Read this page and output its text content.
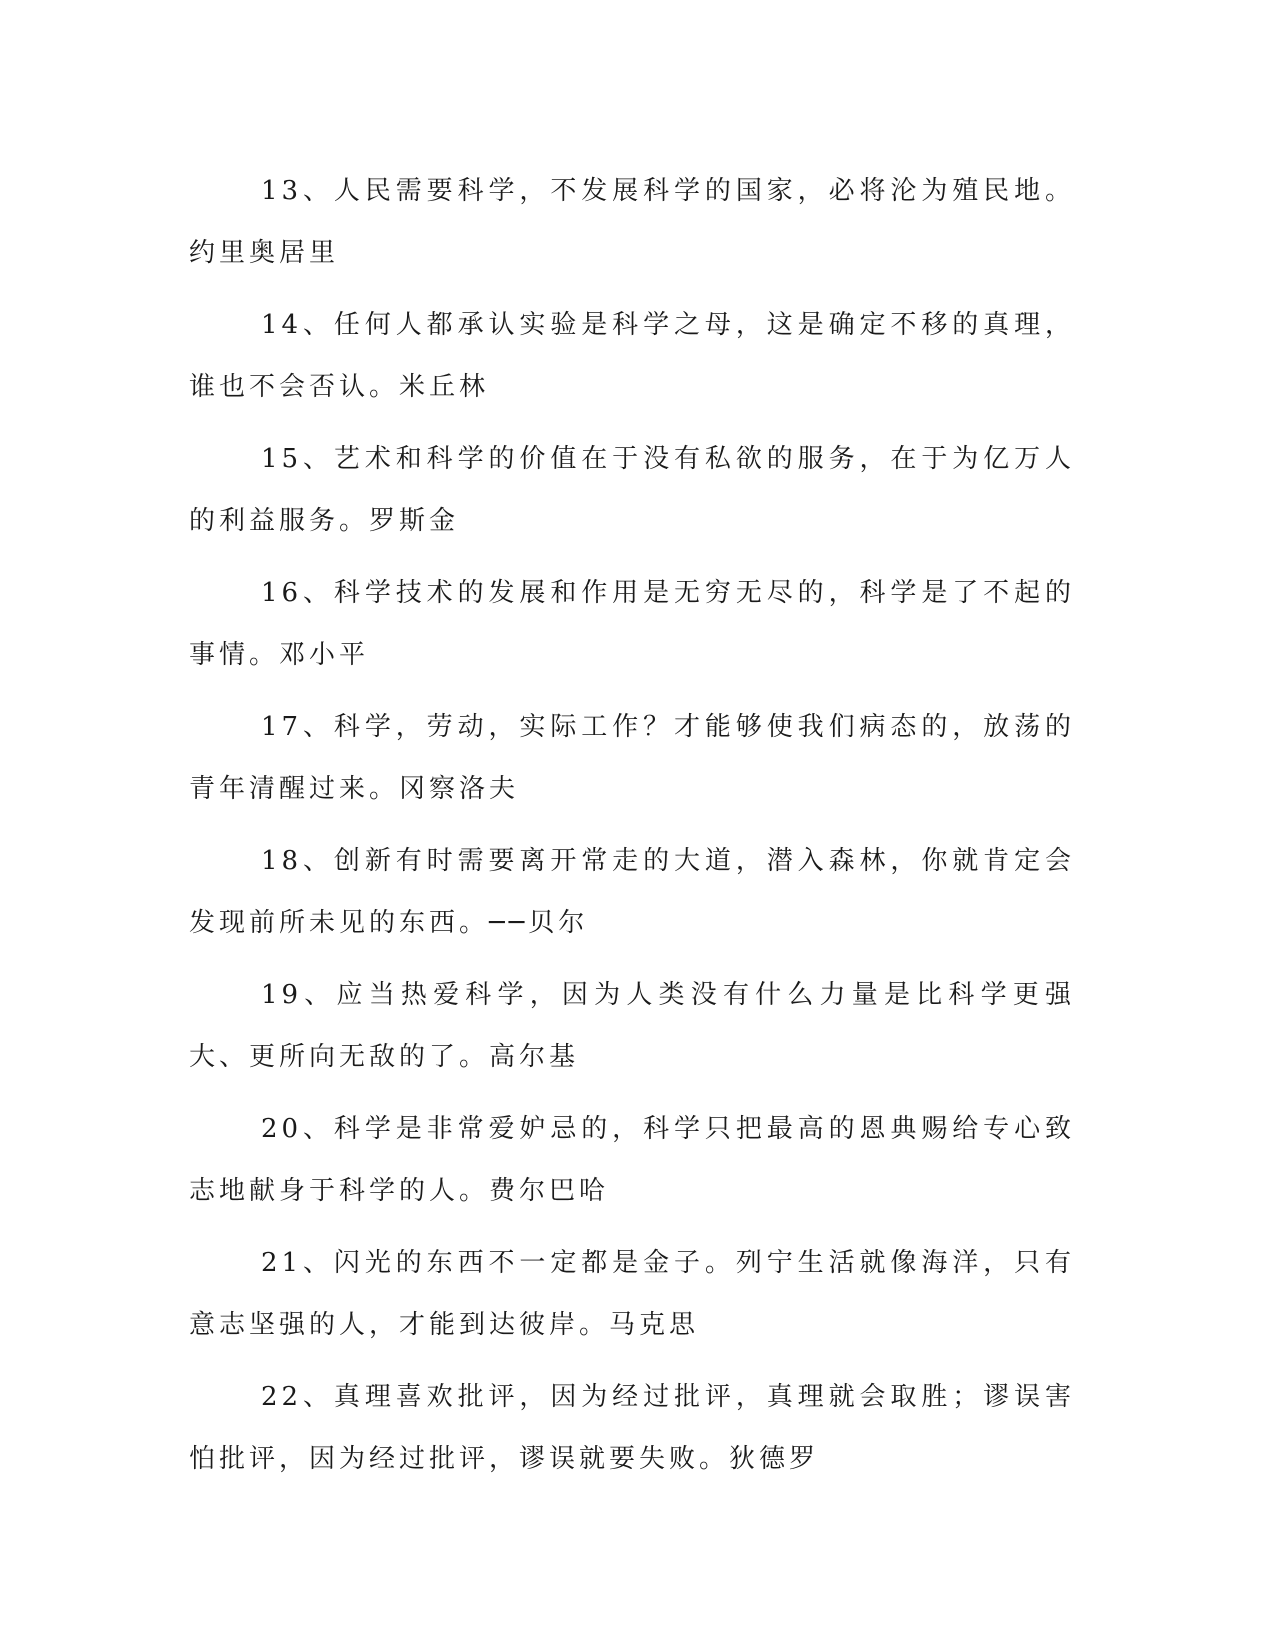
13、人民需要科学，不发展科学的国家，必将沦为殖民地。约里奥居里

14、任何人都承认实验是科学之母，这是确定不移的真理，谁也不会否认。米丘林

15、艺术和科学的价值在于没有私欲的服务，在于为亿万人的利益服务。罗斯金

16、科学技术的发展和作用是无穷无尽的，科学是了不起的事情。邓小平

17、科学，劳动，实际工作？才能够使我们病态的，放荡的青年清醒过来。冈察洛夫

18、创新有时需要离开常走的大道，潜入森林，你就肯定会发现前所未见的东西。──贝尔

19、应当热爱科学，因为人类没有什么力量是比科学更强大、更所向无敌的了。高尔基

20、科学是非常爱妒忌的，科学只把最高的恩典赐给专心致志地献身于科学的人。费尔巴哈

21、闪光的东西不一定都是金子。列宁生活就像海洋，只有意志坚强的人，才能到达彼岸。马克思

22、真理喜欢批评，因为经过批评，真理就会取胜；谬误害怕批评，因为经过批评，谬误就要失败。狄德罗
